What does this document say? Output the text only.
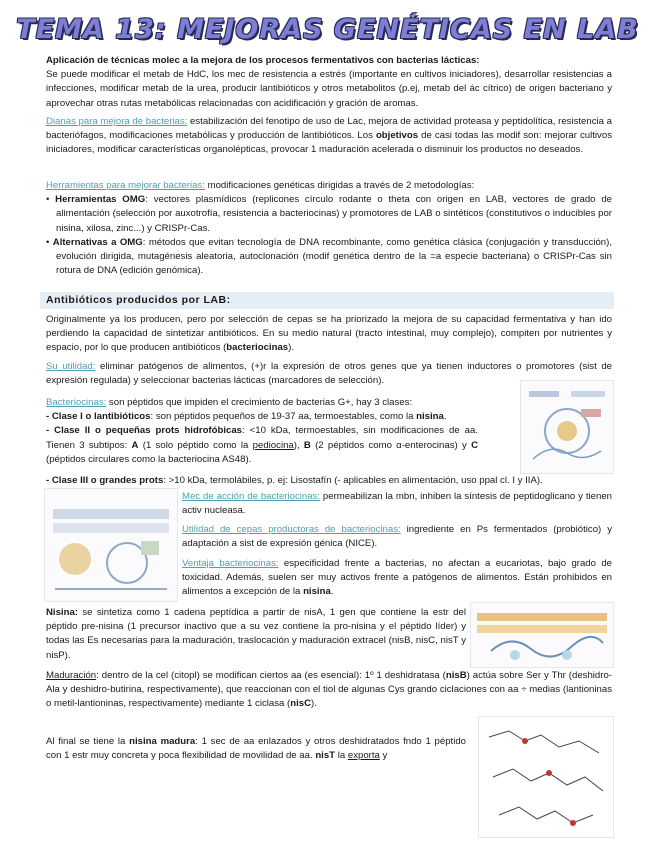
TEMA 13: MEJORAS GENÉTICAS EN LAB
Aplicación de técnicas molec a la mejora de los procesos fermentativos con bacterias lácticas:
Se puede modificar el metab de HdC, los mec de resistencia a estrés (importante en cultivos iniciadores), desarrollar resistencias a infecciones, modificar metab de la urea, producir lantibióticos y otros metabolitos (p.ej, metab del ác cítrico) de origen bacteriano y aprovechar otras rutas metabólicas relacionadas con acidificación y gración de aromas.
Dianas para mejora de bacterias: estabilización del fenotipo de uso de Lac, mejora de actividad proteasa y peptidolítica, resistencia a bacteriófagos, modificaciones metabólicas y producción de lantibióticos. Los objetivos de casi todas las modif son: mejorar cultivos iniciadores, modificar características organolépticas, provocar 1 maduración acelerada o disminuir los productos no deseados.
Herramientas para mejorar bacterias: modificaciones genéticas dirigidas a través de 2 metodologías:
• Herramientas OMG: vectores plasmídicos (replicones círculo rodante o theta con origen en LAB, vectores de grado de alimentación (selección por auxotrofía, resistencia a bacteriocinas) y promotores de LAB o sintéticos (constitutivos o inducibles por nisina, xilosa, zinc...) y CRISPr-Cas.
• Alternativas a OMG: métodos que evitan tecnología de DNA recombinante, como genética clásica (conjugación y transducción), evolución dirigida, mutagénesis aleatoria, autoclonación (modif genética dentro de la =a especie bacteriana) o CRISPr-Cas sin rotura de DNA (edición genómica).
Antibióticos producidos por LAB:
Originalmente ya los producen, pero por selección de cepas se ha priorizado la mejora de su capacidad fermentativa y han ido perdiendo la capacidad de sintetizar antibióticos. En su medio natural (tracto intestinal, muy complejo), compiten por nutrientes y espacio, por lo que producen antibióticos (bacteriocinas).
Su utilidad: eliminar patógenos de alimentos, (+)r la expresión de otros genes que ya tienen inductores o promotores (sist de expresión regulada) y seleccionar bacterias lácticas (marcadores de selección).
Bacteriocinas: son péptidos que impiden el crecimiento de bacterias G+, hay 3 clases:
- Clase I o lantibióticos: son péptidos pequeños de 19-37 aa, termoestables, como la nisina.
- Clase II o pequeñas prots hidrofóbicas: <10 kDa, termoestables, sin modificaciones de aa. Tienen 3 subtipos: A (1 solo péptido como la pediocina), B (2 péptidos como α-enterocinas) y C (péptidos circulares como la bacteriocina AS48).
- Clase III o grandes prots: >10 kDa, termolábiles, p. ej: Lisostafín (- aplicables en alimentación, uso ppal cl. I y IIA).
Mec de acción de bacteriocinas: permeabilizan la mbn, inhiben la síntesis de peptidoglicano y tienen activ nucleasa.
Utilidad de cepas productoras de bacteriocinas: ingrediente en Ps fermentados (probiótico) y adaptación a sist de expresión génica (NICE).
Ventaja bacteriocinas: especificidad frente a bacterias, no afectan a eucariotas, bajo grado de toxicidad. Además, suelen ser muy activos frente a patógenos de alimentos. Están prohibidos en alimentos a excepción de la nisina.
Nisina: se sintetiza como 1 cadena peptídica a partir de nisA, 1 gen que contiene la estr del péptido pre-nisina (1 precursor inactivo que a su vez contiene la pro-nisina y el péptido líder) y todas las Es necesarias para la maduración, traslocación y maduración extracel (nisB, nisC, nisT y nisP).
Maduración: dentro de la cel (citopl) se modifican ciertos aa (es esencial): 1º 1 deshidratasa (nisB) actúa sobre Ser y Thr (deshidro-Ala y deshidro-butirina, respectivamente), que reaccionan con el tiol de algunas Cys grando ciclaciones con aa ÷ medias (lantioninas o metil-lantioninas, respectivamente) mediante 1 ciclasa (nisC).
Al final se tiene la nisina madura: 1 sec de aa enlazados y otros deshidratados fndo 1 péptido con 1 estr muy concreta y poca flexibilidad de movilidad de aa. nisT la exporta y
